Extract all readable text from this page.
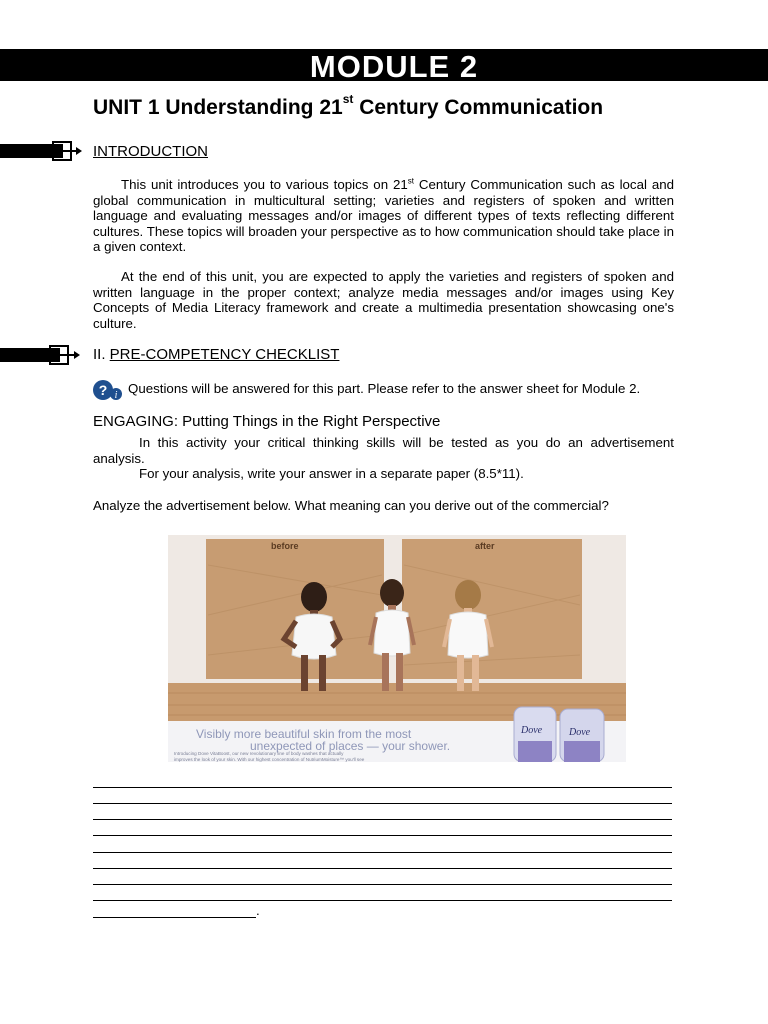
MODULE 2
UNIT 1 Understanding 21st Century Communication
INTRODUCTION

This unit introduces you to various topics on 21st Century Communication such as local and global communication in multicultural setting; varieties and registers of spoken and written language and evaluating messages and/or images of different types of texts reflecting different cultures. These topics will broaden your perspective as to how communication should take place in a given context.

At the end of this unit, you are expected to apply the varieties and registers of spoken and written language in the proper context; analyze media messages and/or images using Key Concepts of Media Literacy framework and create a multimedia presentation showcasing one's culture.

II. PRE-COMPETENCY CHECKLIST
? i Questions will be answered for this part. Please refer to the answer sheet for Module 2.
ENGAGING: Putting Things in the Right Perspective

In this activity your critical thinking skills will be tested as you do an advertisement analysis.

For your analysis, write your answer in a separate paper (8.5*11).
Analyze the advertisement below. What meaning can you derive out of the commercial?
before	after
Visibly more beautiful skin from the most
unexpected of places — your shower.
Introducing Dove VitaBoost, our new revolutionary line of body washes that actually
improves the look of your skin. With our highest concentration of NutriumMoisture™ you'll see
Dove	Dove
.
